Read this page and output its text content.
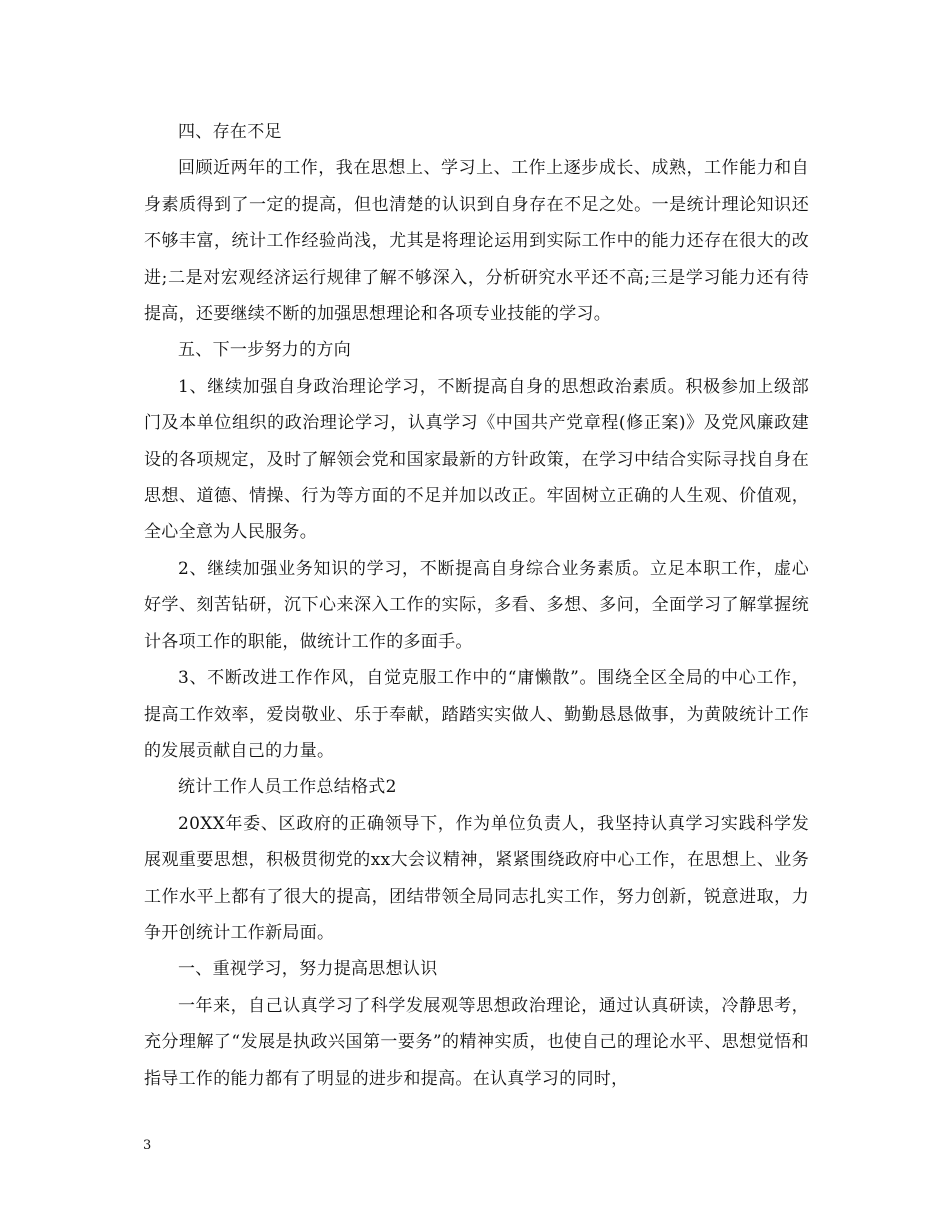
四、存在不足

回顾近两年的工作，我在思想上、学习上、工作上逐步成长、成熟，工作能力和自身素质得到了一定的提高，但也清楚的认识到自身存在不足之处。一是统计理论知识还不够丰富，统计工作经验尚浅，尤其是将理论运用到实际工作中的能力还存在很大的改进;二是对宏观经济运行规律了解不够深入，分析研究水平还不高;三是学习能力还有待提高，还要继续不断的加强思想理论和各项专业技能的学习。

五、下一步努力的方向

1、继续加强自身政治理论学习，不断提高自身的思想政治素质。积极参加上级部门及本单位组织的政治理论学习，认真学习《中国共产党章程(修正案)》及党风廉政建设的各项规定，及时了解领会党和国家最新的方针政策，在学习中结合实际寻找自身在思想、道德、情操、行为等方面的不足并加以改正。牢固树立正确的人生观、价值观，全心全意为人民服务。

2、继续加强业务知识的学习，不断提高自身综合业务素质。立足本职工作，虚心好学、刻苦钻研，沉下心来深入工作的实际，多看、多想、多问，全面学习了解掌握统计各项工作的职能，做统计工作的多面手。

3、不断改进工作作风，自觉克服工作中的“庸懒散”。围绕全区全局的中心工作，提高工作效率，爱岗敬业、乐于奉献，踏踏实实做人、勤勤恳恳做事，为黄陂统计工作的发展贡献自己的力量。

统计工作人员工作总结格式2

20XX年委、区政府的正确领导下，作为单位负责人，我坚持认真学习实践科学发展观重要思想，积极贯彻党的xx大会议精神，紧紧围绕政府中心工作，在思想上、业务工作水平上都有了很大的提高，团结带领全局同志扎实工作，努力创新，锐意进取，力争开创统计工作新局面。

一、重视学习，努力提高思想认识

一年来，自己认真学习了科学发展观等思想政治理论，通过认真研读，冷静思考，充分理解了“发展是执政兴国第一要务”的精神实质，也使自己的理论水平、思想觉悟和指导工作的能力都有了明显的进步和提高。在认真学习的同时，

3
